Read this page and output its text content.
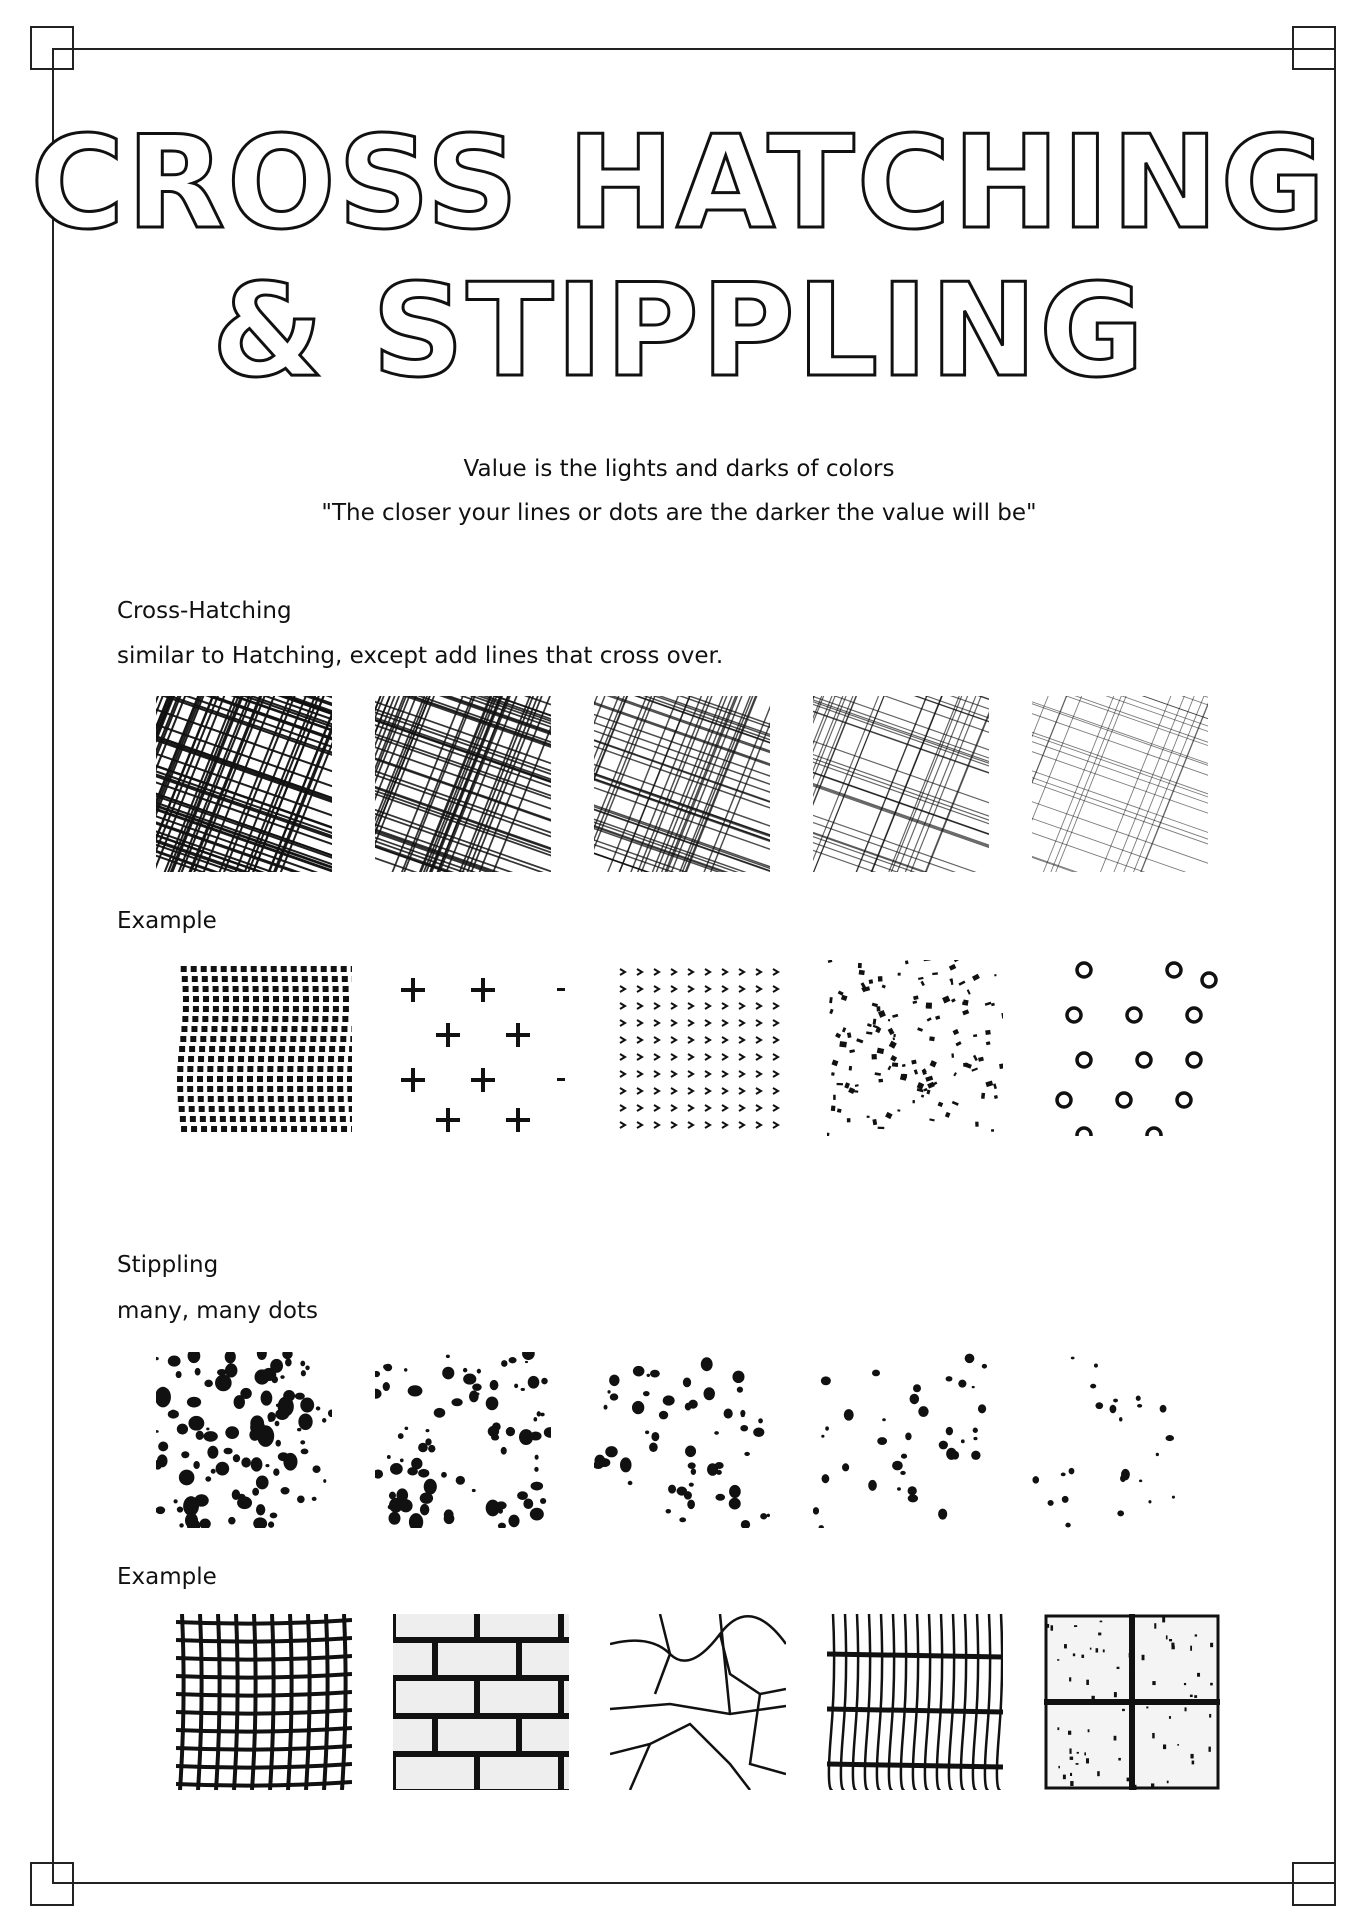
CROSS HATCHING
& STIPPLING
Value is the lights and darks of colors
"The closer your lines or dots are the darker the value will be"
Cross-Hatching
similar to Hatching, except add lines that cross over.
Example
Stippling
many, many dots
Example
